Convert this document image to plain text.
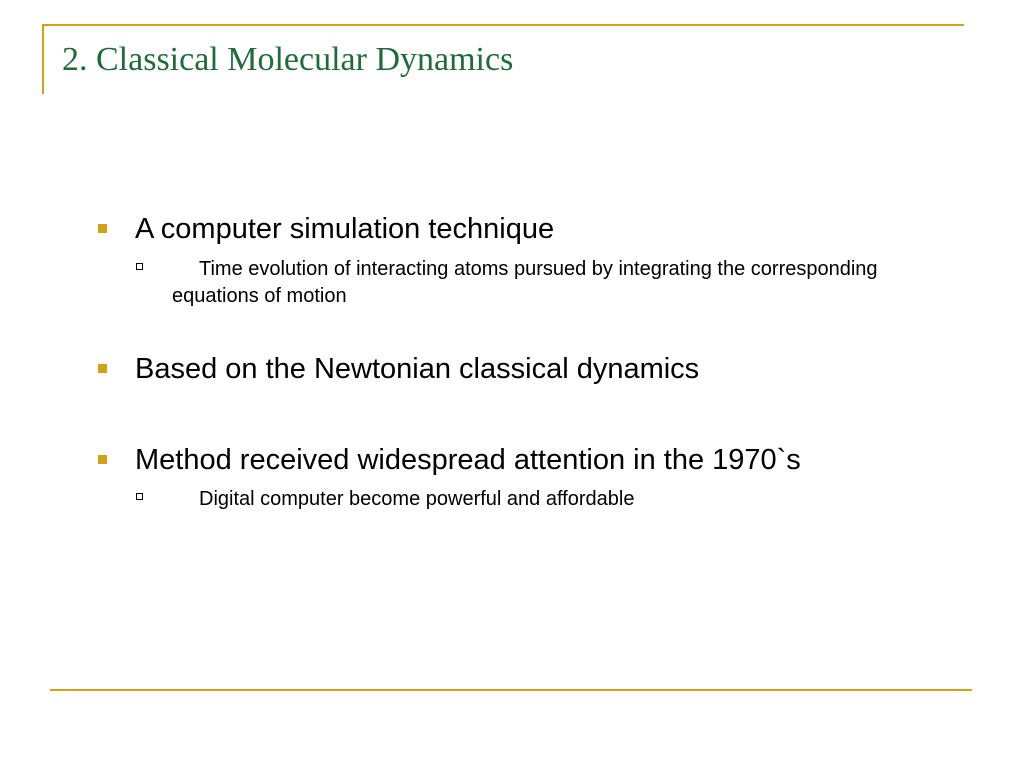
2. Classical Molecular Dynamics
A computer simulation technique
Time evolution of interacting atoms pursued by integrating the corresponding equations of motion
Based on the Newtonian classical dynamics
Method received widespread attention in the 1970`s
Digital computer become powerful and affordable
